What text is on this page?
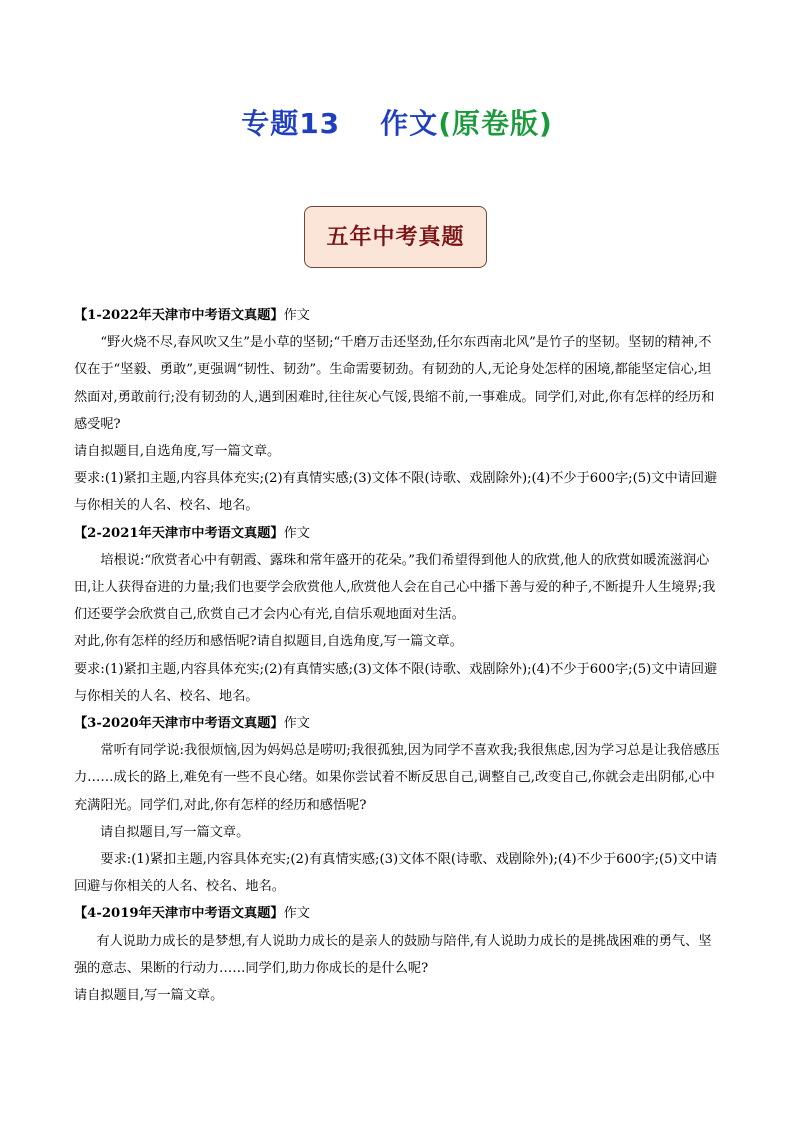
专题13 作文(原卷版)
五年中考真题

【1-2022年天津市中考语文真题】作文

“野火烧不尽,春风吹又生”是小草的坚韧;“千磨万击还坚劲,任尔东西南北风”是竹子的坚韧。坚韧的精神,不仅在于“坚毅、勇敢”,更强调“韧性、韧劲”。生命需要韧劲。有韧劲的人,无论身处怎样的困境,都能坚定信心,坦然面对,勇敢前行;没有韧劲的人,遇到困难时,往往灰心气馁,畏缩不前,一事难成。同学们,对此,你有怎样的经历和感受呢?

请自拟题目,自选角度,写一篇文章。

要求:(1)紧扣主题,内容具体充实;(2)有真情实感;(3)文体不限(诗歌、戏剧除外);(4)不少于600字;(5)文中请回避与你相关的人名、校名、地名。

【2-2021年天津市中考语文真题】作文

培根说:“欣赏者心中有朝霞、露珠和常年盛开的花朵。”我们希望得到他人的欣赏,他人的欣赏如暖流滋润心田,让人获得奋进的力量;我们也要学会欣赏他人,欣赏他人会在自己心中播下善与爱的种子,不断提升人生境界;我们还要学会欣赏自己,欣赏自己才会内心有光,自信乐观地面对生活。

对此,你有怎样的经历和感悟呢?请自拟题目,自选角度,写一篇文章。

要求:(1)紧扣主题,内容具体充实;(2)有真情实感;(3)文体不限(诗歌、戏剧除外);(4)不少于600字;(5)文中请回避与你相关的人名、校名、地名。

【3-2020年天津市中考语文真题】作文

常听有同学说:我很烦恼,因为妈妈总是唠叨;我很孤独,因为同学不喜欢我;我很焦虑,因为学习总是让我倍感压力……成长的路上,难免有一些不良心绪。如果你尝试着不断反思自己,调整自己,改变自己,你就会走出阴郁,心中充满阳光。同学们,对此,你有怎样的经历和感悟呢?

请自拟题目,写一篇文章。

要求:(1)紧扣主题,内容具体充实;(2)有真情实感;(3)文体不限(诗歌、戏剧除外);(4)不少于600字;(5)文中请回避与你相关的人名、校名、地名。

【4-2019年天津市中考语文真题】作文

有人说助力成长的是梦想,有人说助力成长的是亲人的鼓励与陪伴,有人说助力成长的是挑战困难的勇气、坚强的意志、果断的行动力……同学们,助力你成长的是什么呢?

请自拟题目,写一篇文章。
